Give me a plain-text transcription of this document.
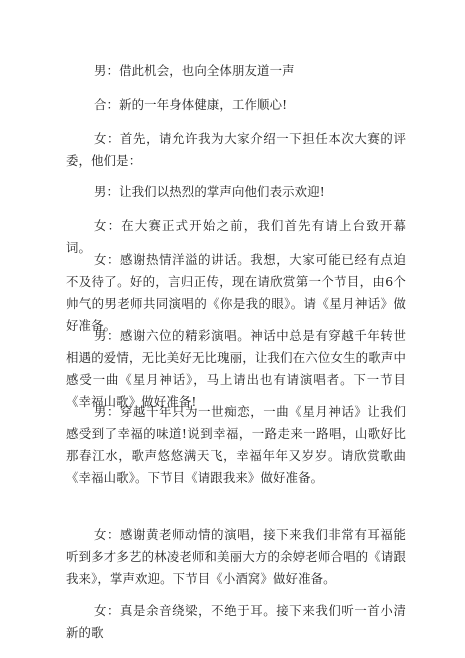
男：借此机会，也向全体朋友道一声

合：新的一年身体健康，工作顺心!

女：首先，请允许我为大家介绍一下担任本次大赛的评委，他们是：

男：让我们以热烈的掌声向他们表示欢迎!

女：在大赛正式开始之前，我们首先有请上台致开幕词。

女：感谢热情洋溢的讲话。我想，大家可能已经有点迫不及待了。好的，言归正传，现在请欣赏第一个节目，由6个帅气的男老师共同演唱的《你是我的眼》。请《星月神话》做好准备。

男：感谢六位的精彩演唱。神话中总是有穿越千年转世相遇的爱情，无比美好无比瑰丽，让我们在六位女生的歌声中感受一曲《星月神话》，马上请出也有请演唱者。下一节目《幸福山歌》做好准备!

男：穿越千年只为一世痴恋，一曲《星月神话》让我们感受到了幸福的味道!说到幸福，一路走来一路唱，山歌好比那春江水，歌声悠悠满天飞，幸福年年又岁岁。请欣赏歌曲《幸福山歌》。下节目《请跟我来》做好准备。

女：感谢黄老师动情的演唱，接下来我们非常有耳福能听到多才多艺的林凌老师和美丽大方的余婷老师合唱的《请跟我来》，掌声欢迎。下节目《小酒窝》做好准备。

女：真是余音绕梁，不绝于耳。接下来我们听一首小清新的歌
